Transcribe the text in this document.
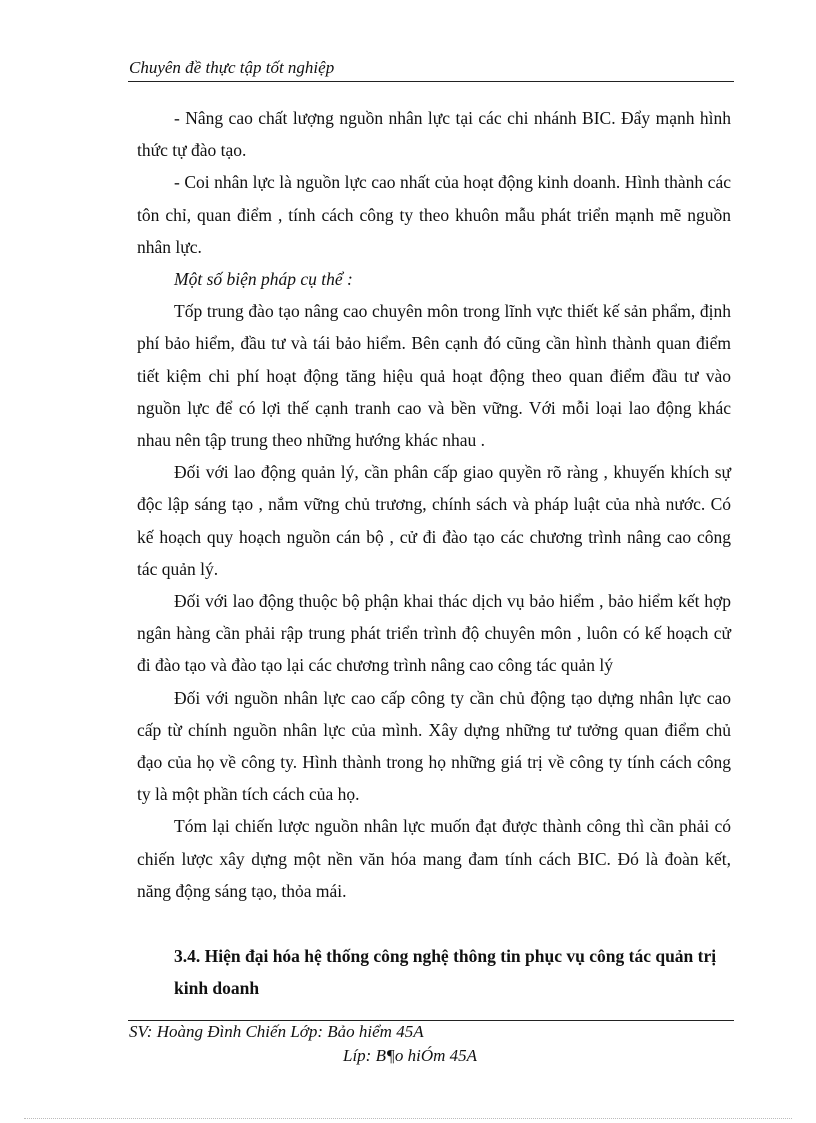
Chuyên đề thực tập tốt nghiệp

- Nâng cao chất lượng nguồn nhân lực tại các chi nhánh BIC. Đẩy mạnh hình thức tự đào tạo.

- Coi nhân lực là nguồn lực cao nhất của hoạt động kinh doanh. Hình thành các tôn chỉ, quan điểm , tính cách công ty theo khuôn mẫu phát triển mạnh mẽ nguồn nhân lực.

Một số biện pháp cụ thể :

Tốp trung đào tạo nâng cao chuyên môn trong lĩnh vực thiết kế sản phẩm, định phí bảo hiểm, đầu tư và tái bảo hiểm. Bên cạnh đó cũng cần hình thành quan điểm tiết kiệm chi phí hoạt động tăng hiệu quả hoạt động theo quan điểm đầu tư vào nguồn lực để có lợi thế cạnh tranh cao và bền vững. Với mỗi loại lao động khác nhau nên tập trung theo những hướng khác nhau .

Đối với lao động quản lý, cần phân cấp giao quyền rõ ràng , khuyến khích sự độc lập sáng tạo , nắm vững chủ trương, chính sách và pháp luật của nhà nước. Có kế hoạch quy hoạch nguồn cán bộ , cử đi đào tạo các chương trình nâng cao công tác quản lý.

Đối với lao động thuộc bộ phận khai thác dịch vụ bảo hiểm , bảo hiểm kết hợp ngân hàng cần phải rập trung phát triển trình độ chuyên môn , luôn có kế hoạch cử đi đào tạo và đào tạo lại các chương trình nâng cao công tác quản lý

Đối với nguồn nhân lực cao cấp công ty cần chủ động tạo dựng nhân lực cao cấp từ chính nguồn nhân lực của mình. Xây dựng những tư tưởng quan điểm chủ đạo của họ về công ty. Hình thành trong họ những giá trị về công ty tính cách công ty là một phần tích cách của họ.

Tóm lại chiến lược nguồn nhân lực muốn đạt được thành công thì cần phải có chiến lược xây dựng một nền văn hóa mang đam tính cách BIC. Đó là đoàn kết, năng động sáng tạo, thỏa mái.

3.4. Hiện đại hóa hệ thống công nghệ thông tin phục vụ công tác quản trị kinh doanh
SV: Hoàng Đình Chiến Lớp: Bảo hiểm 45A
Líp: B¶o hiÓm 45A
